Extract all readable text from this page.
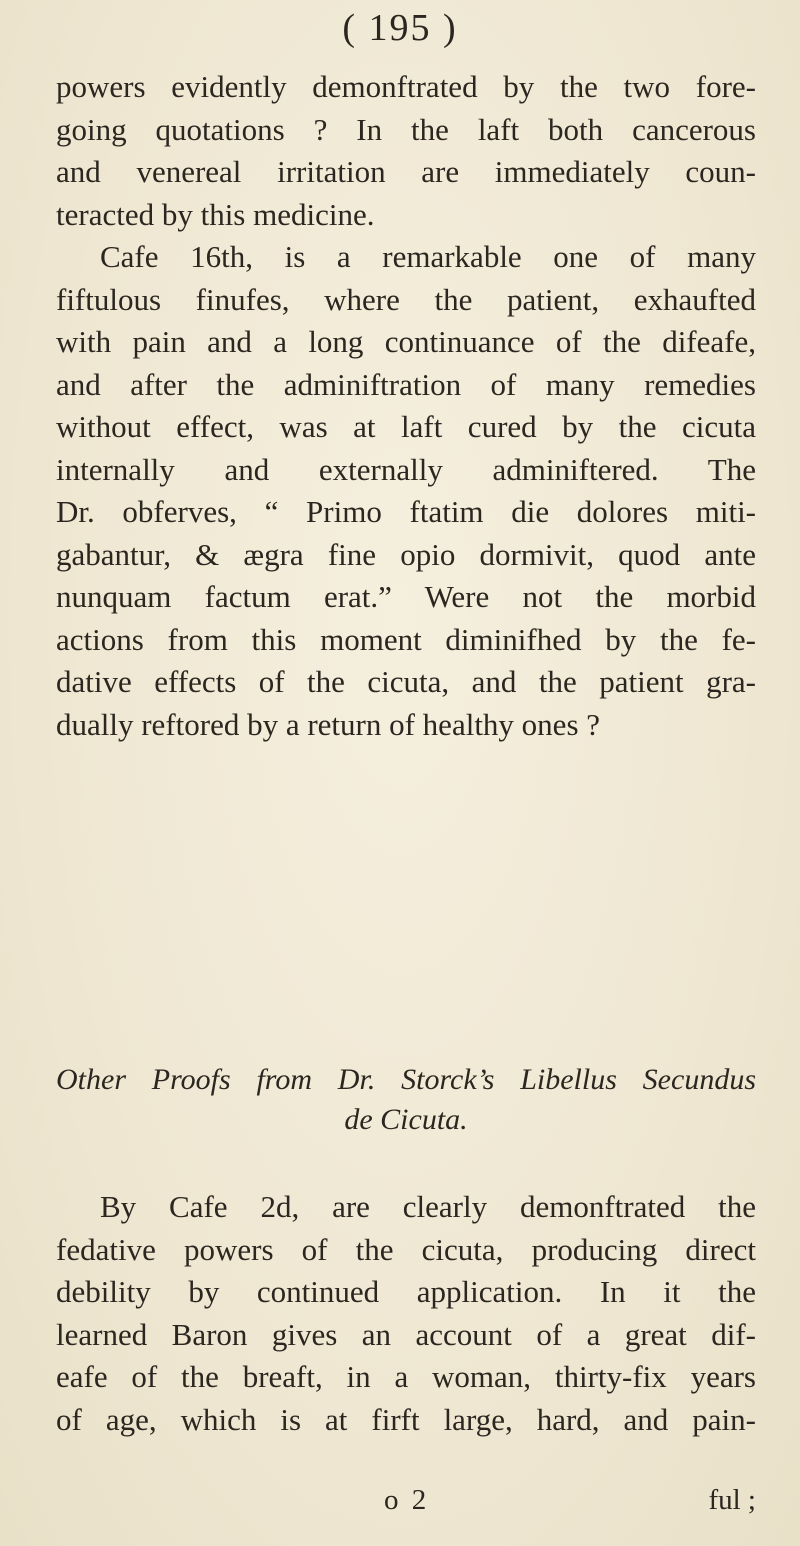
( 195 )
powers evidently demonftrated by the two fore-
going quotations ? In the laft both cancerous
and venereal irritation are immediately coun-
teracted by this medicine.
Cafe 16th, is a remarkable one of many
fiftulous finufes, where the patient, exhaufted
with pain and a long continuance of the difeafe,
and after the adminiftration of many remedies
without effect, was at laft cured by the cicuta
internally and externally adminiftered. The
Dr. obferves, “ Primo ftatim die dolores miti-
gabantur, & ægra fine opio dormivit, quod ante
nunquam factum erat.” Were not the morbid
actions from this moment diminifhed by the fe-
dative effects of the cicuta, and the patient gra-
dually reftored by a return of healthy ones ?
Other Proofs from Dr. Storck’s Libellus Secundus
de Cicuta.
By Cafe 2d, are clearly demonftrated the
fedative powers of the cicuta, producing direct
debility by continued application. In it the
learned Baron gives an account of a great dif-
eafe of the breaft, in a woman, thirty-fix years
of age, which is at firft large, hard, and pain-
o 2	ful ;
